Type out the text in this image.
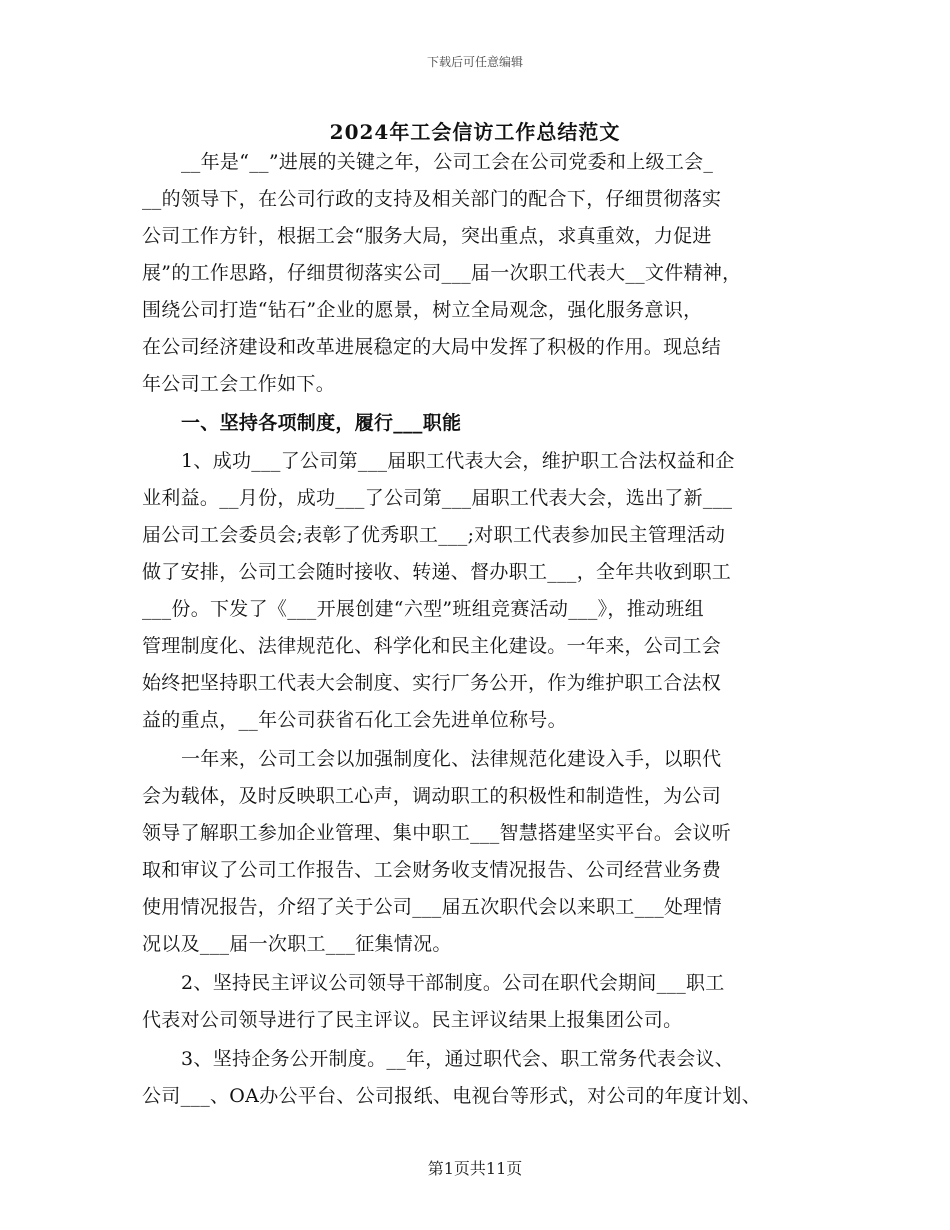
下载后可任意编辑
2024年工会信访工作总结范文
__年是“__”进展的关键之年，公司工会在公司党委和上级工会_
__的领导下，在公司行政的支持及相关部门的配合下，仔细贯彻落实
公司工作方针，根据工会“服务大局，突出重点，求真重效，力促进
展”的工作思路，仔细贯彻落实公司___届一次职工代表大__文件精神，
围绕公司打造“钻石”企业的愿景，树立全局观念，强化服务意识，
在公司经济建设和改革进展稳定的大局中发挥了积极的作用。现总结
年公司工会工作如下。
一、坚持各项制度，履行___职能
1、成功___了公司第___届职工代表大会，维护职工合法权益和企
业利益。__月份，成功___了公司第___届职工代表大会，选出了新___
届公司工会委员会;表彰了优秀职工___;对职工代表参加民主管理活动
做了安排，公司工会随时接收、转递、督办职工___，全年共收到职工
___份。下发了《___开展创建“六型”班组竞赛活动___》，推动班组
管理制度化、法律规范化、科学化和民主化建设。一年来，公司工会
始终把坚持职工代表大会制度、实行厂务公开，作为维护职工合法权
益的重点，__年公司获省石化工会先进单位称号。
一年来，公司工会以加强制度化、法律规范化建设入手，以职代
会为载体，及时反映职工心声，调动职工的积极性和制造性，为公司
领导了解职工参加企业管理、集中职工___智慧搭建坚实平台。会议听
取和审议了公司工作报告、工会财务收支情况报告、公司经营业务费
使用情况报告，介绍了关于公司___届五次职代会以来职工___处理情
况以及___届一次职工___征集情况。
2、坚持民主评议公司领导干部制度。公司在职代会期间___职工
代表对公司领导进行了民主评议。民主评议结果上报集团公司。
3、坚持企务公开制度。__年，通过职代会、职工常务代表会议、
公司___、OA办公平台、公司报纸、电视台等形式，对公司的年度计划、
第1页共11页
